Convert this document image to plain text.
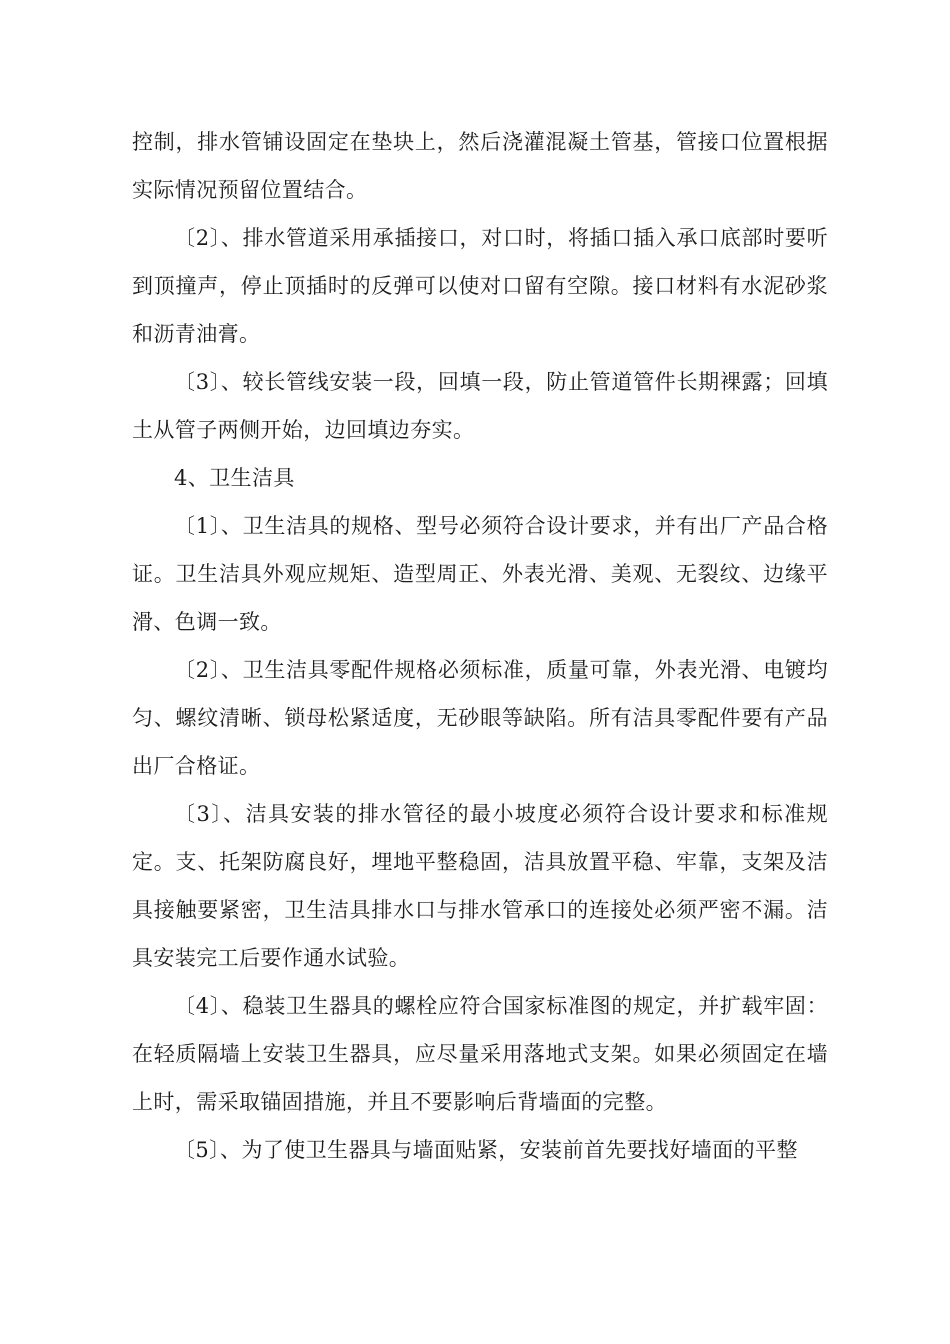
控制，排水管铺设固定在垫块上，然后浇灌混凝土管基，管接口位置根据实际情况预留位置结合。

〔2〕、排水管道采用承插接口，对口时，将插口插入承口底部时要听到顶撞声，停止顶插时的反弹可以使对口留有空隙。接口材料有水泥砂浆和沥青油膏。

〔3〕、较长管线安装一段，回填一段，防止管道管件长期裸露；回填土从管子两侧开始，边回填边夯实。

4、卫生洁具

〔1〕、卫生洁具的规格、型号必须符合设计要求，并有出厂产品合格证。卫生洁具外观应规矩、造型周正、外表光滑、美观、无裂纹、边缘平滑、色调一致。

〔2〕、卫生洁具零配件规格必须标准，质量可靠，外表光滑、电镀均匀、螺纹清晰、锁母松紧适度，无砂眼等缺陷。所有洁具零配件要有产品出厂合格证。

〔3〕、洁具安装的排水管径的最小坡度必须符合设计要求和标准规定。支、托架防腐良好，埋地平整稳固，洁具放置平稳、牢靠，支架及洁具接触要紧密，卫生洁具排水口与排水管承口的连接处必须严密不漏。洁具安装完工后要作通水试验。

〔4〕、稳装卫生器具的螺栓应符合国家标准图的规定，并扩载牢固：在轻质隔墙上安装卫生器具，应尽量采用落地式支架。如果必须固定在墙上时，需采取锚固措施，并且不要影响后背墙面的完整。

〔5〕、为了使卫生器具与墙面贴紧，安装前首先要找好墙面的平整
